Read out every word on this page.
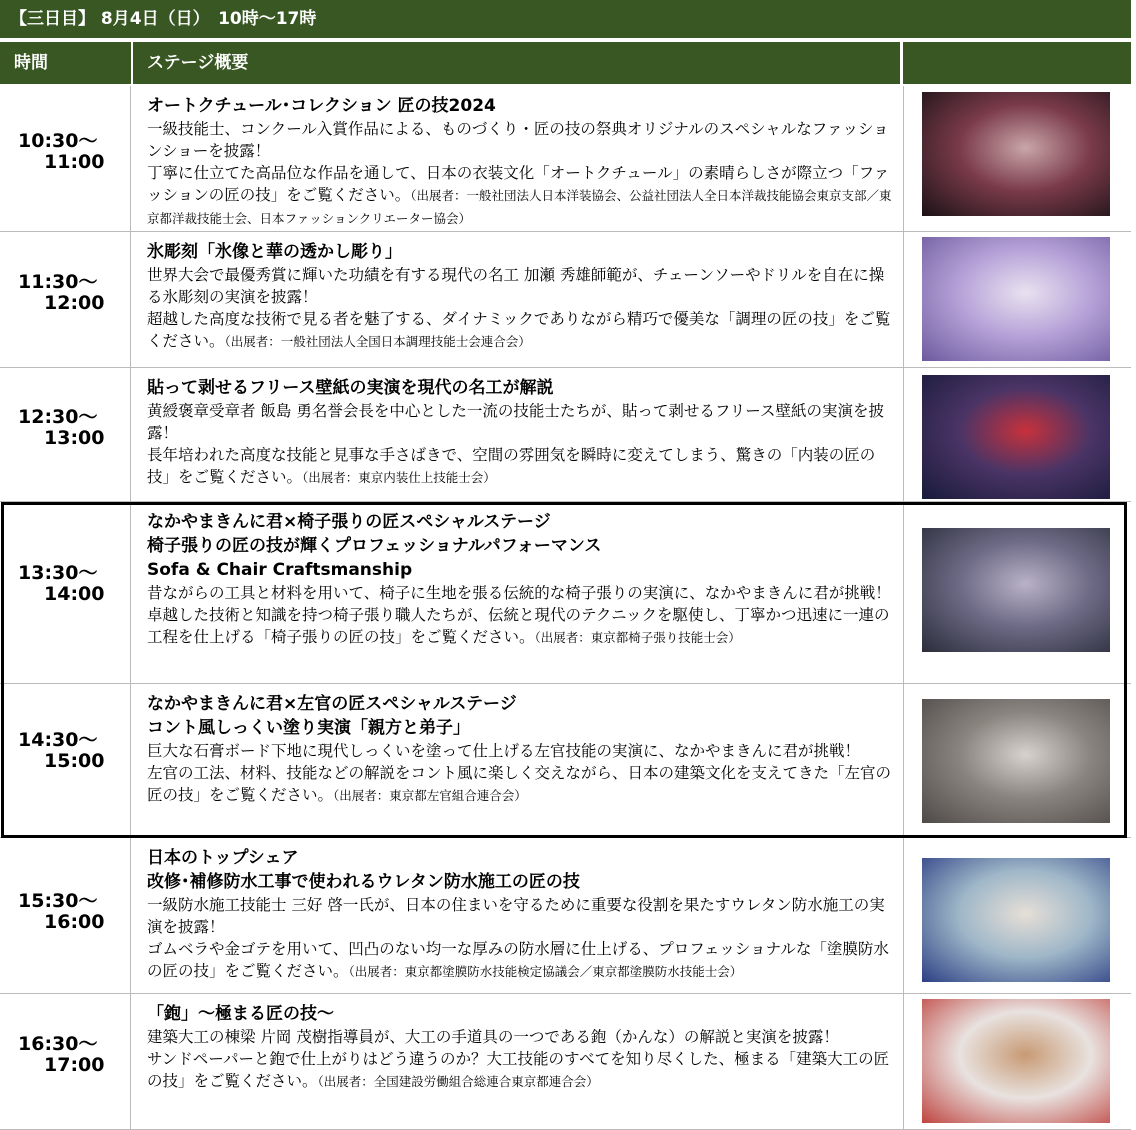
【三日目】 8月4日（日）　10時～17時
時間	ステージ概要
10:30～
11:00
オートクチュール･コレクション 匠の技2024
一級技能士、コンクール入賞作品による、ものづくり・匠の技の祭典オリジナルのスペシャルなファッションショーを披露！
丁寧に仕立てた高品位な作品を通して、日本の衣装文化「オートクチュール」の素晴らしさが際立つ「ファッションの匠の技」をご覧ください。（出展者：一般社団法人日本洋装協会、公益社団法人全日本洋裁技能協会東京支部／東京都洋裁技能士会、日本ファッションクリエーター協会）
11:30～
12:00
氷彫刻「氷像と華の透かし彫り」
世界大会で最優秀賞に輝いた功績を有する現代の名工 加瀬 秀雄師範が、チェーンソーやドリルを自在に操る氷彫刻の実演を披露！
超越した高度な技術で見る者を魅了する、ダイナミックでありながら精巧で優美な「調理の匠の技」をご覧ください。（出展者：一般社団法人全国日本調理技能士会連合会）
12:30～
13:00
貼って剥せるフリース壁紙の実演を現代の名工が解説
黄綬褒章受章者 飯島 勇名誉会長を中心とした一流の技能士たちが、貼って剥せるフリース壁紙の実演を披露！
長年培われた高度な技能と見事な手さばきで、空間の雰囲気を瞬時に変えてしまう、驚きの「内装の匠の技」をご覧ください。（出展者：東京内装仕上技能士会）
13:30～
14:00
なかやまきんに君×椅子張りの匠スペシャルステージ
椅子張りの匠の技が輝くプロフェッショナルパフォーマンス
Sofa & Chair Craftsmanship
昔ながらの工具と材料を用いて、椅子に生地を張る伝統的な椅子張りの実演に、なかやまきんに君が挑戦！
卓越した技術と知識を持つ椅子張り職人たちが、伝統と現代のテクニックを駆使し、丁寧かつ迅速に一連の工程を仕上げる「椅子張りの匠の技」をご覧ください。（出展者：東京都椅子張り技能士会）
14:30～
15:00
なかやまきんに君×左官の匠スペシャルステージ
コント風しっくい塗り実演「親方と弟子」
巨大な石膏ボード下地に現代しっくいを塗って仕上げる左官技能の実演に、なかやまきんに君が挑戦！
左官の工法、材料、技能などの解説をコント風に楽しく交えながら、日本の建築文化を支えてきた「左官の匠の技」をご覧ください。（出展者：東京都左官組合連合会）
15:30～
16:00
日本のトップシェア
改修･補修防水工事で使われるウレタン防水施工の匠の技
一級防水施工技能士 三好 啓一氏が、日本の住まいを守るために重要な役割を果たすウレタン防水施工の実演を披露！
ゴムベラや金ゴテを用いて、凹凸のない均一な厚みの防水層に仕上げる、プロフェッショナルな「塗膜防水の匠の技」をご覧ください。（出展者：東京都塗膜防水技能検定協議会／東京都塗膜防水技能士会）
16:30～
17:00
「鉋」～極まる匠の技～
建築大工の棟梁 片岡 茂樹指導員が、大工の手道具の一つである鉋（かんな）の解説と実演を披露！
サンドペーパーと鉋で仕上がりはどう違うのか？大工技能のすべてを知り尽くした、極まる「建築大工の匠の技」をご覧ください。（出展者：全国建設労働組合総連合東京都連合会）
